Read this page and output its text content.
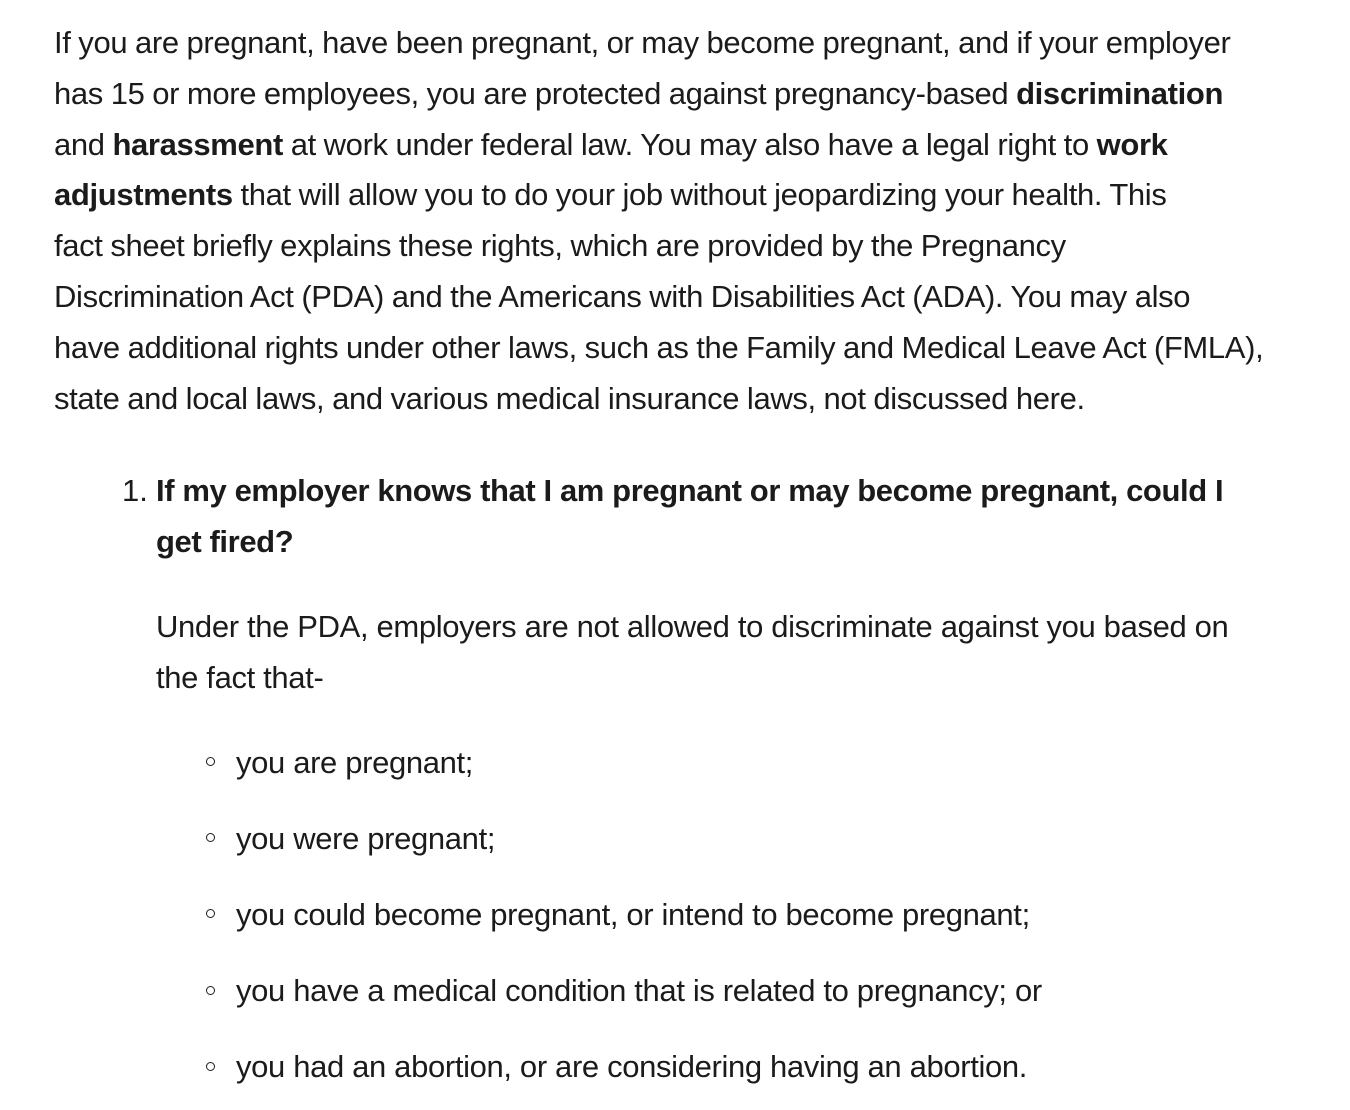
If you are pregnant, have been pregnant, or may become pregnant, and if your employer
has 15 or more employees, you are protected against pregnancy-based discrimination
and harassment at work under federal law. You may also have a legal right to work
adjustments that will allow you to do your job without jeopardizing your health. This
fact sheet briefly explains these rights, which are provided by the Pregnancy
Discrimination Act (PDA) and the Americans with Disabilities Act (ADA). You may also
have additional rights under other laws, such as the Family and Medical Leave Act (FMLA),
state and local laws, and various medical insurance laws, not discussed here.

1. If my employer knows that I am pregnant or may become pregnant, could I
get fired?

Under the PDA, employers are not allowed to discriminate against you based on
the fact that-

you are pregnant;
you were pregnant;
you could become pregnant, or intend to become pregnant;
you have a medical condition that is related to pregnancy; or
you had an abortion, or are considering having an abortion.
